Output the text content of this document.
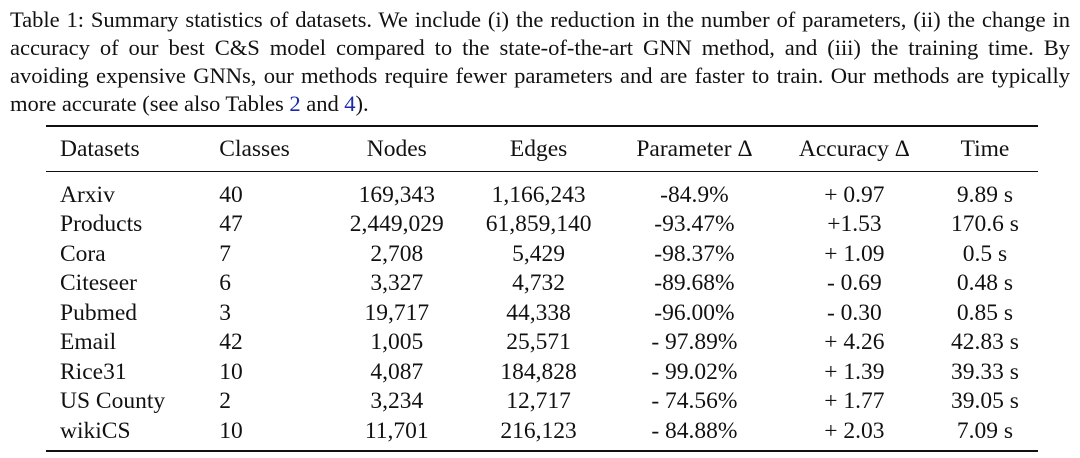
Table 1: Summary statistics of datasets. We include (i) the reduction in the number of parameters, (ii) the change in accuracy of our best C&S model compared to the state-of-the-art GNN method, and (iii) the training time. By avoiding expensive GNNs, our methods require fewer parameters and are faster to train. Our methods are typically more accurate (see also Tables 2 and 4).

Datasets	Classes	Nodes	Edges	Parameter Δ	Accuracy Δ	Time
Arxiv	40	169,343	1,166,243	-84.9%	+ 0.97	9.89 s
Products	47	2,449,029	61,859,140	-93.47%	+1.53	170.6 s
Cora	7	2,708	5,429	-98.37%	+ 1.09	0.5 s
Citeseer	6	3,327	4,732	-89.68%	- 0.69	0.48 s
Pubmed	3	19,717	44,338	-96.00%	- 0.30	0.85 s
Email	42	1,005	25,571	- 97.89%	+ 4.26	42.83 s
Rice31	10	4,087	184,828	- 99.02%	+ 1.39	39.33 s
US County	2	3,234	12,717	- 74.56%	+ 1.77	39.05 s
wikiCS	10	11,701	216,123	- 84.88%	+ 2.03	7.09 s
